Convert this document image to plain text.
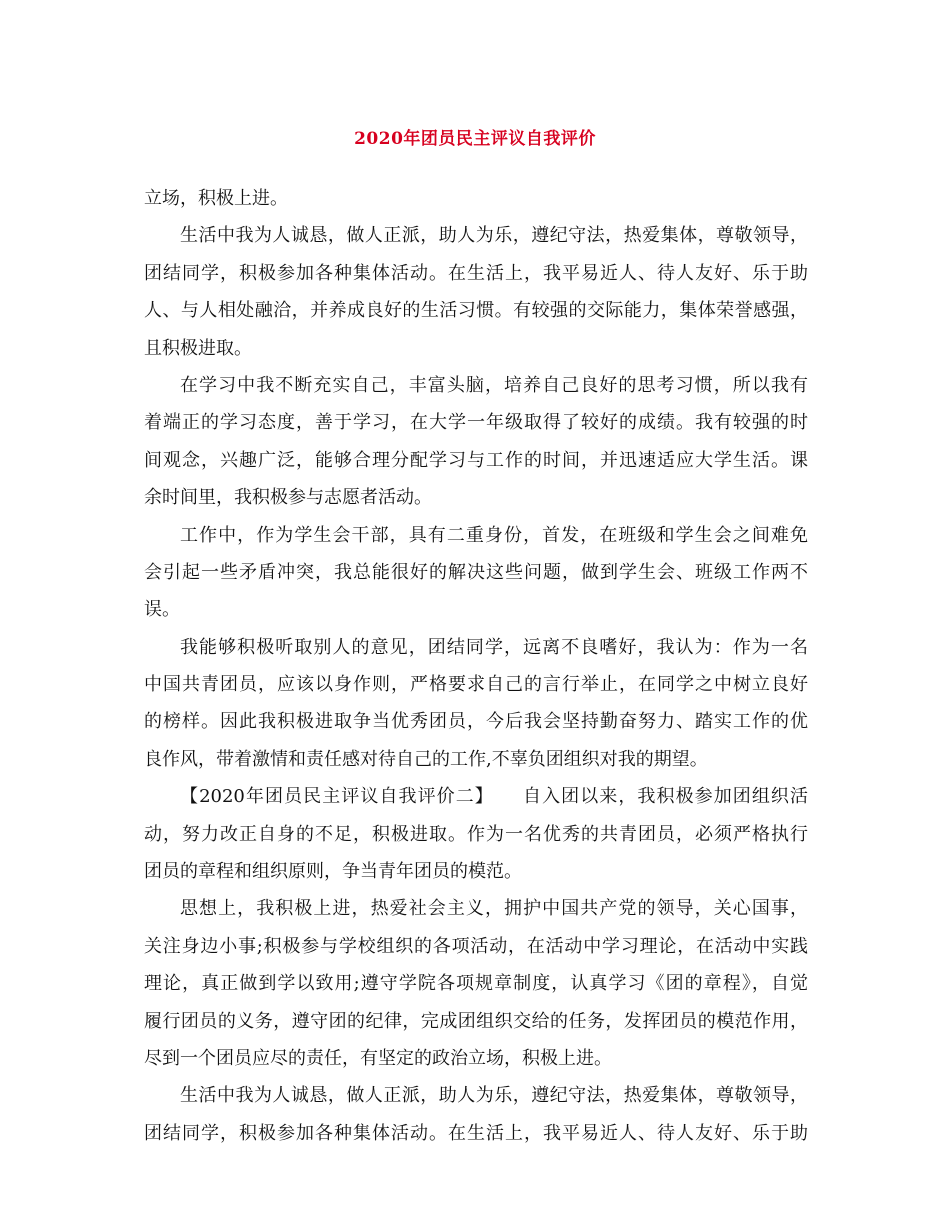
2020年团员民主评议自我评价
立场，积极上进。
生活中我为人诚恳，做人正派，助人为乐，遵纪守法，热爱集体，尊敬领导，
团结同学，积极参加各种集体活动。在生活上，我平易近人、待人友好、乐于助
人、与人相处融洽，并养成良好的生活习惯。有较强的交际能力，集体荣誉感强，
且积极进取。
在学习中我不断充实自己，丰富头脑，培养自己良好的思考习惯，所以我有
着端正的学习态度，善于学习，在大学一年级取得了较好的成绩。我有较强的时
间观念，兴趣广泛，能够合理分配学习与工作的时间，并迅速适应大学生活。课
余时间里，我积极参与志愿者活动。
工作中，作为学生会干部，具有二重身份，首发，在班级和学生会之间难免
会引起一些矛盾冲突，我总能很好的解决这些问题，做到学生会、班级工作两不
误。
我能够积极听取别人的意见，团结同学，远离不良嗜好，我认为：作为一名
中国共青团员，应该以身作则，严格要求自己的言行举止，在同学之中树立良好
的榜样。因此我积极进取争当优秀团员，今后我会坚持勤奋努力、踏实工作的优
良作风，带着激情和责任感对待自己的工作,不辜负团组织对我的期望。
【2020年团员民主评议自我评价二】　　自入团以来，我积极参加团组织活
动，努力改正自身的不足，积极进取。作为一名优秀的共青团员，必须严格执行
团员的章程和组织原则，争当青年团员的模范。
思想上，我积极上进，热爱社会主义，拥护中国共产党的领导，关心国事，
关注身边小事;积极参与学校组织的各项活动，在活动中学习理论，在活动中实践
理论，真正做到学以致用;遵守学院各项规章制度，认真学习《团的章程》，自觉
履行团员的义务，遵守团的纪律，完成团组织交给的任务，发挥团员的模范作用，
尽到一个团员应尽的责任，有坚定的政治立场，积极上进。
生活中我为人诚恳，做人正派，助人为乐，遵纪守法，热爱集体，尊敬领导，
团结同学，积极参加各种集体活动。在生活上，我平易近人、待人友好、乐于助
